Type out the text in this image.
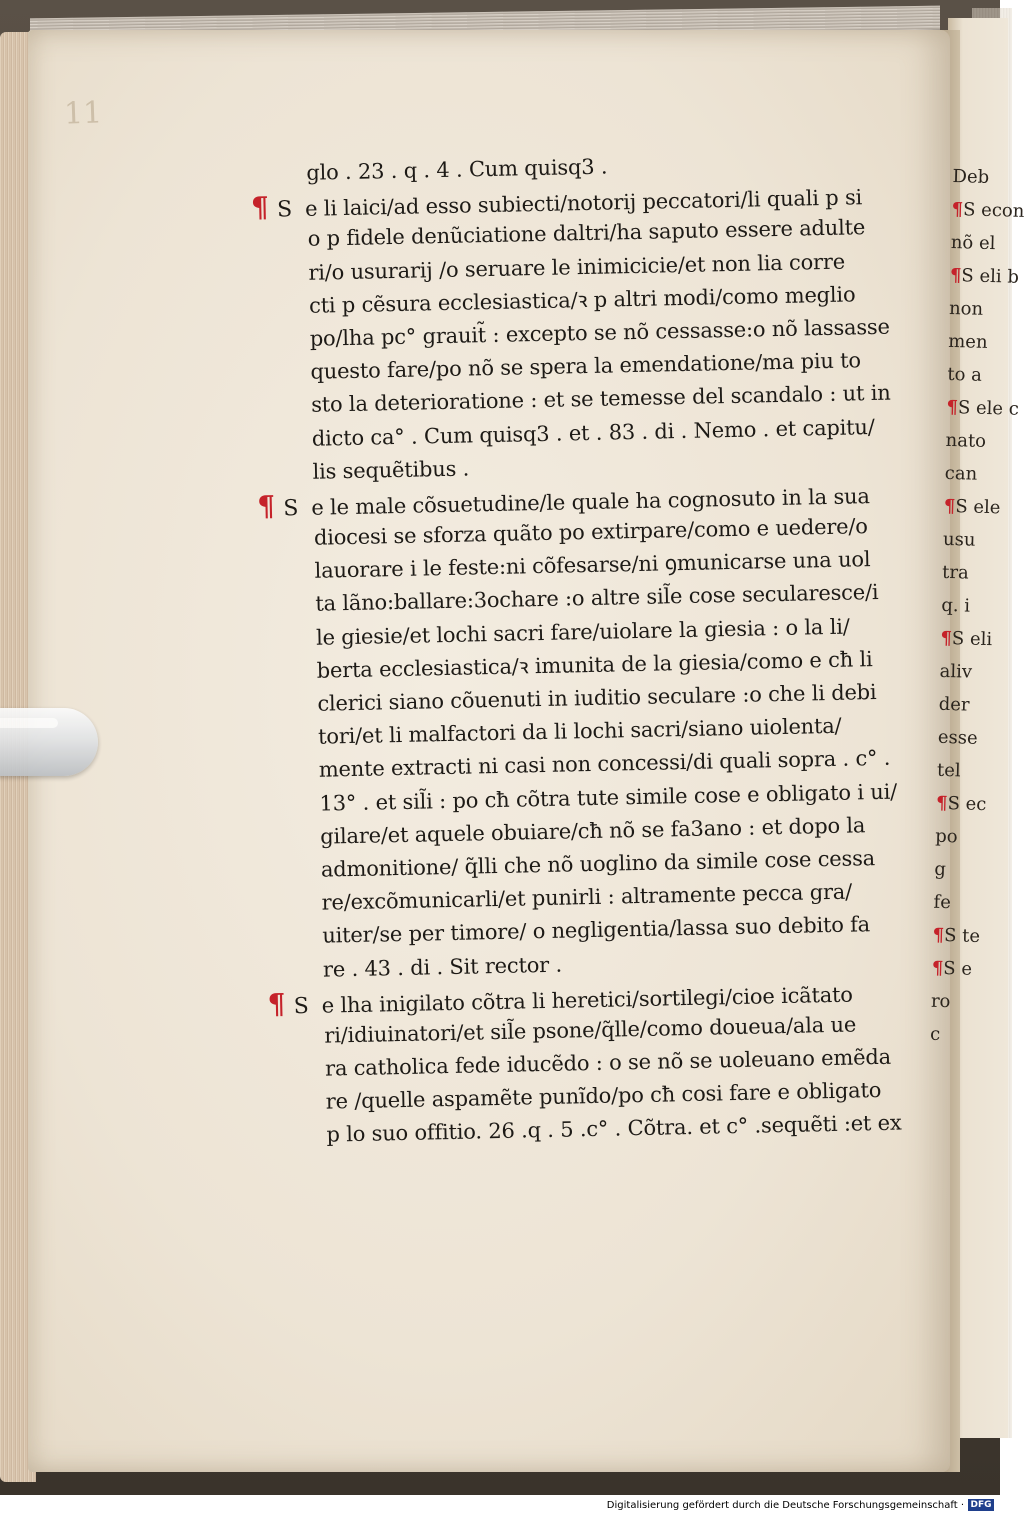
11
glo . 23 . q . 4 . Cum quisq3 .
¶ S e li laici/ad esso subiecti/notorij peccatori/li quali p si
o p fidele denũciatione daltri/ha saputo essere adulte
ri/o usurarij /o seruare le inimicicie/et non lia corre
cti p cẽsura ecclesiastica/ꝛ p altri modi/como meglio
po/lha pc° grauit̃ : excepto se nõ cessasse:o nõ lassasse
questo fare/po nõ se spera la emendatione/ma piu to
sto la deterioratione : et se temesse del scandalo : ut in
dicto ca° . Cum quisq3 . et . 83 . di . Nemo . et capitu/
lis sequẽtibus .
¶ S e le male cõsuetudine/le quale ha cognosuto in la sua
diocesi se sforza quãto po extirpare/como e uedere/o
lauorare i le feste:ni cõfesarse/ni ꝯmunicarse una uol
ta lãno:ballare:3ochare :o altre sil̃e cose secularesce/i
le giesie/et lochi sacri fare/uiolare la giesia : o la li/
berta ecclesiastica/ꝛ imunita de la giesia/como e cħ li
clerici siano cõuenuti in iuditio seculare :o che li debi
tori/et li malfactori da li lochi sacri/siano uiolenta/
mente extracti ni casi non concessi/di quali sopra . c° .
13° . et sil̃i : po cħ cõtra tute simile cose e obligato i ui/
gilare/et aquele obuiare/cħ nõ se fa3ano : et dopo la
admonitione/ q̃lli che nõ uoglino da simile cose cessa
re/excõmunicarli/et punirli : altramente pecca gra/
uiter/se per timore/ o negligentia/lassa suo debito fa
re . 43 . di . Sit rector .
¶ S e lha inigilato cõtra li heretici/sortilegi/cioe icãtato
ri/idiuinatori/et sil̃e psone/q̃lle/como doueua/ala ue
ra catholica fede iducẽdo : o se nõ se uoleuano emẽda
re /quelle aspamẽte punĩdo/po cħ cosi fare e obligato
p lo suo offitio. 26 .q . 5 .c° . Cõtra. et c° .sequẽti :et ex
Deb
¶S econ
nõ el
¶S eli b
non
men
to a
¶S ele c
nato
can
¶S ele
usu
tra
q. i
¶S eli
aliv
der
esse
tel
¶S ec
po
g
fe
¶S te
¶S e
ro
c
Digitalisierung gefördert durch die Deutsche Forschungsgemeinschaft · DFG
